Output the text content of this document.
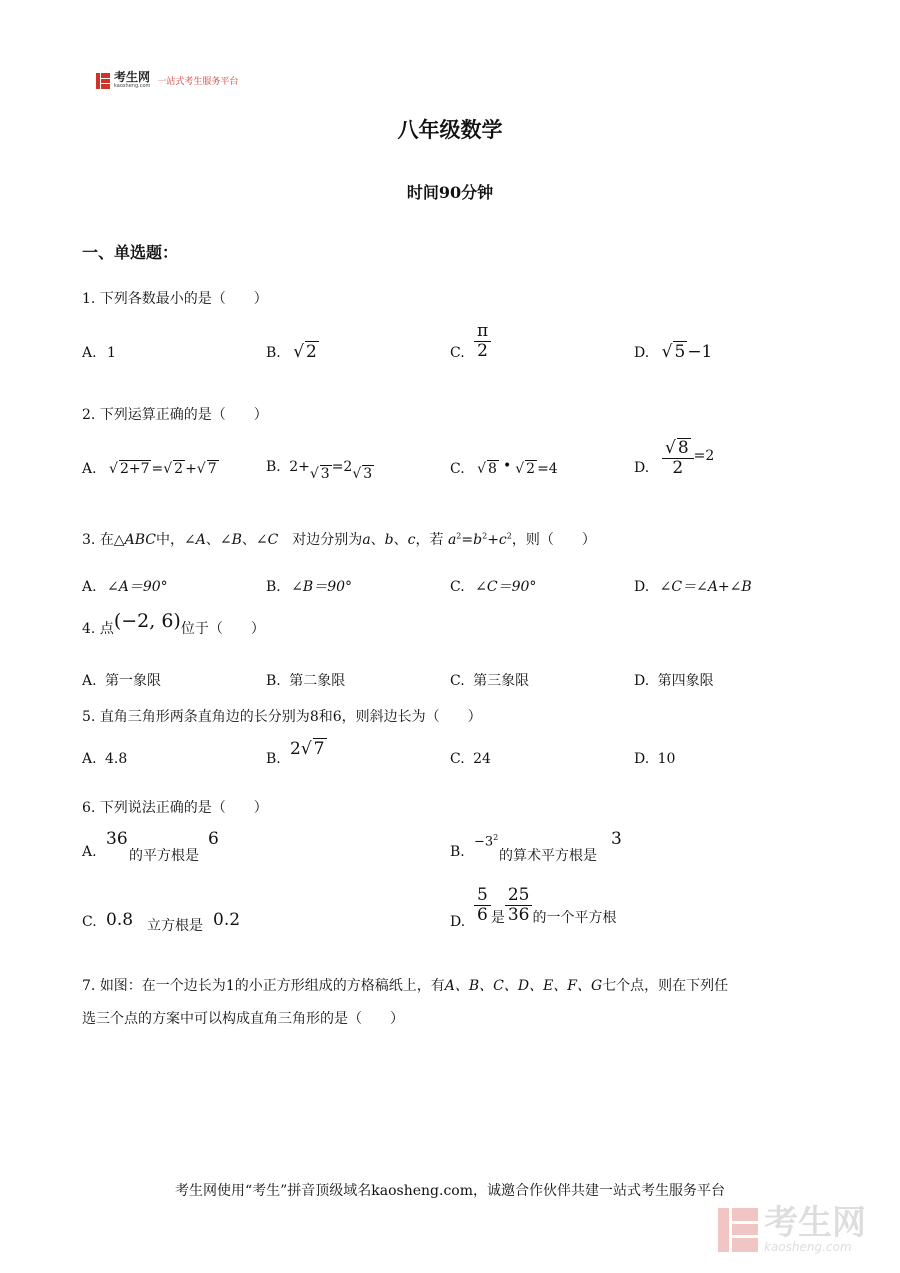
考生网
kaosheng.com 一站式考生服务平台
八年级数学
时间90分钟
一、单选题：
1. 下列各数最小的是（　　）
A. 1	B. √ 2	C. $\frac{\pi}{2}$	D. √ 5 −1
2. 下列运算正确的是（　　）
A. √ 2+7 =√ 2 +√ 7	B. 2+√ 3 =2√ 3	C. √ 8 • √ 2 =4	D. $\frac{√ 8}{2} =2$
3. 在△ABC中，∠A、∠B、∠C　对边分别为a、b、c，若 $a^2=b^2+c^2$，则（　　）
A. ∠A＝90°	B. ∠B＝90°	C. ∠C＝90°	D. ∠C＝∠A+∠B
4. 点(−2, 6)位于（　　）
A. 第一象限	B. 第二象限	C. 第三象限	D. 第四象限
5. 直角三角形两条直角边的长分别为8和6，则斜边长为（　　）
A. 4.8	B. 2√ 7	C. 24	D. 10
6. 下列说法正确的是（　　）
A.
36
的平方根是
6
B.
$-3^2$
的算术平方根是
3
C. 0.8 立方根是 0.2	D. $\frac{5}{6}$ 是 $\frac{25}{36}$ 的一个平方根
7. 如图：在一个边长为1的小正方形组成的方格稿纸上，有A、B、C、D、E、F、G七个点，则在下列任
选三个点的方案中可以构成直角三角形的是（　　）
考生网使用“考生”拼音顶级域名kaosheng.com，诚邀合作伙伴共建一站式考生服务平台
考生网
kaosheng.com
